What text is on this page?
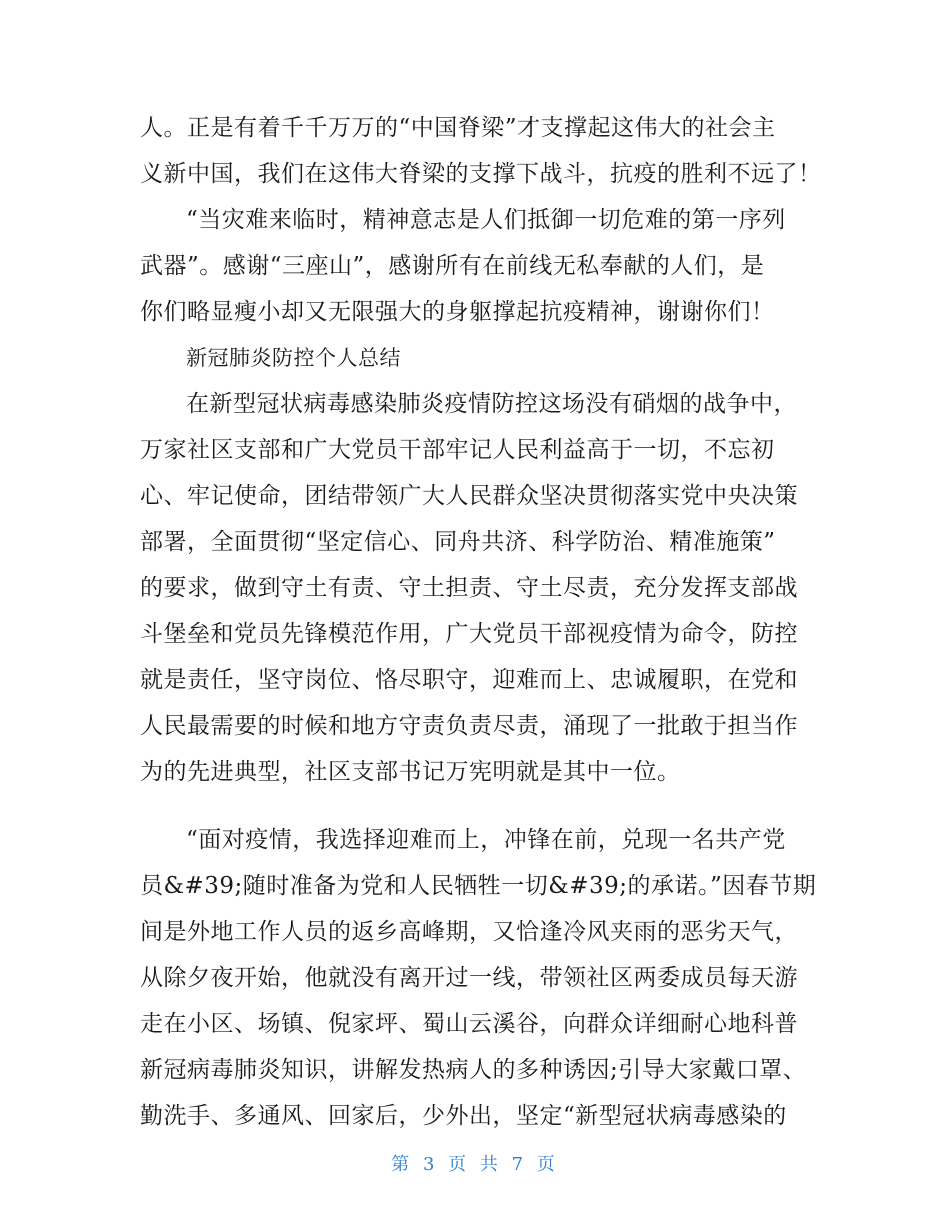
人。正是有着千千万万的“中国脊梁”才支撑起这伟大的社会主
义新中国，我们在这伟大脊梁的支撑下战斗，抗疫的胜利不远了！
“当灾难来临时，精神意志是人们抵御一切危难的第一序列
武器”。感谢“三座山”，感谢所有在前线无私奉献的人们，是
你们略显瘦小却又无限强大的身躯撑起抗疫精神，谢谢你们！
新冠肺炎防控个人总结
在新型冠状病毒感染肺炎疫情防控这场没有硝烟的战争中，
万家社区支部和广大党员干部牢记人民利益高于一切，不忘初
心、牢记使命，团结带领广大人民群众坚决贯彻落实党中央决策
部署，全面贯彻“坚定信心、同舟共济、科学防治、精准施策”
的要求，做到守土有责、守土担责、守土尽责，充分发挥支部战
斗堡垒和党员先锋模范作用，广大党员干部视疫情为命令，防控
就是责任，坚守岗位、恪尽职守，迎难而上、忠诚履职，在党和
人民最需要的时候和地方守责负责尽责，涌现了一批敢于担当作
为的先进典型，社区支部书记万宪明就是其中一位。
“面对疫情，我选择迎难而上，冲锋在前，兑现一名共产党
员&#39;随时准备为党和人民牺牲一切&#39;的承诺。”因春节期
间是外地工作人员的返乡高峰期，又恰逢冷风夹雨的恶劣天气，
从除夕夜开始，他就没有离开过一线，带领社区两委成员每天游
走在小区、场镇、倪家坪、蜀山云溪谷，向群众详细耐心地科普
新冠病毒肺炎知识，讲解发热病人的多种诱因;引导大家戴口罩、
勤洗手、多通风、回家后，少外出，坚定“新型冠状病毒感染的
第 3 页 共 7 页
